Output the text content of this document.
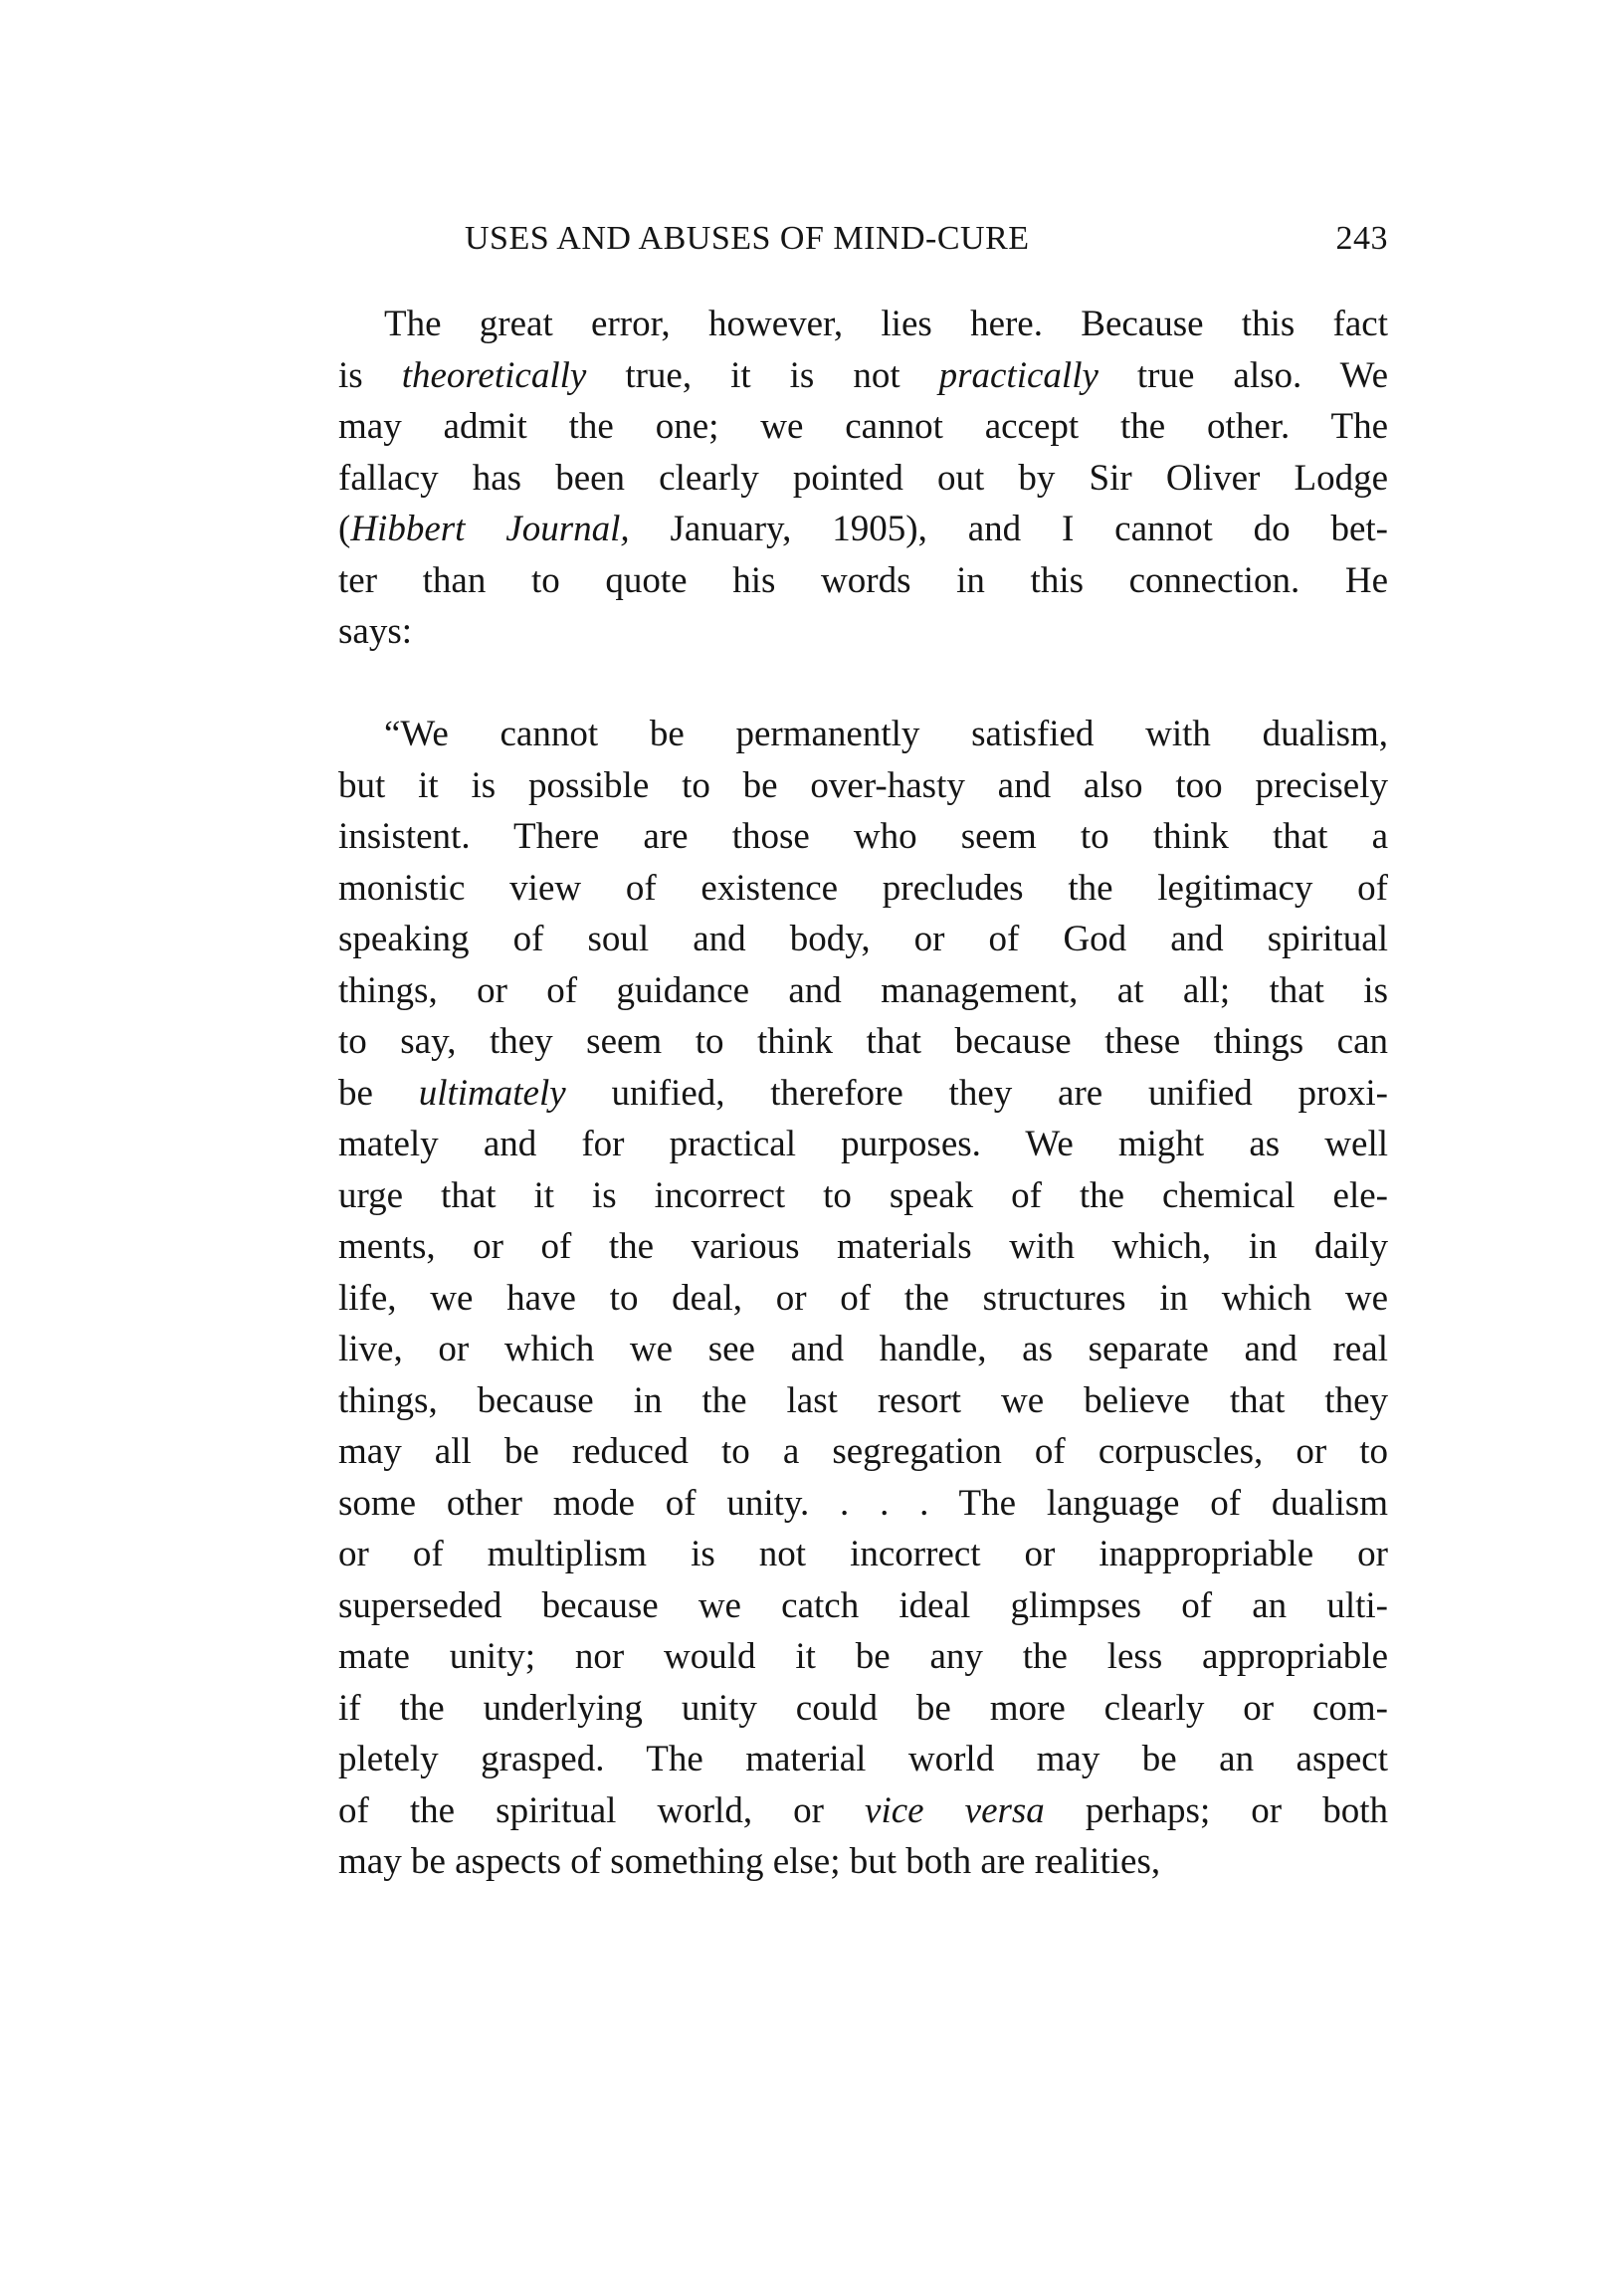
USES AND ABUSES OF MIND-CURE	243
The great error, however, lies here. Because this fact
is theoretically true, it is not practically true also. We
may admit the one; we cannot accept the other. The
fallacy has been clearly pointed out by Sir Oliver Lodge
(Hibbert Journal, January, 1905), and I cannot do bet-
ter than to quote his words in this connection. He
says:
“We cannot be permanently satisfied with dualism,
but it is possible to be over-hasty and also too precisely
insistent. There are those who seem to think that a
monistic view of existence precludes the legitimacy of
speaking of soul and body, or of God and spiritual
things, or of guidance and management, at all; that is
to say, they seem to think that because these things can
be ultimately unified, therefore they are unified proxi-
mately and for practical purposes. We might as well
urge that it is incorrect to speak of the chemical ele-
ments, or of the various materials with which, in daily
life, we have to deal, or of the structures in which we
live, or which we see and handle, as separate and real
things, because in the last resort we believe that they
may all be reduced to a segregation of corpuscles, or to
some other mode of unity. . . . The language of dualism
or of multiplism is not incorrect or inappropriable or
superseded because we catch ideal glimpses of an ulti-
mate unity; nor would it be any the less appropriable
if the underlying unity could be more clearly or com-
pletely grasped. The material world may be an aspect
of the spiritual world, or vice versa perhaps; or both
may be aspects of something else; but both are realities,
